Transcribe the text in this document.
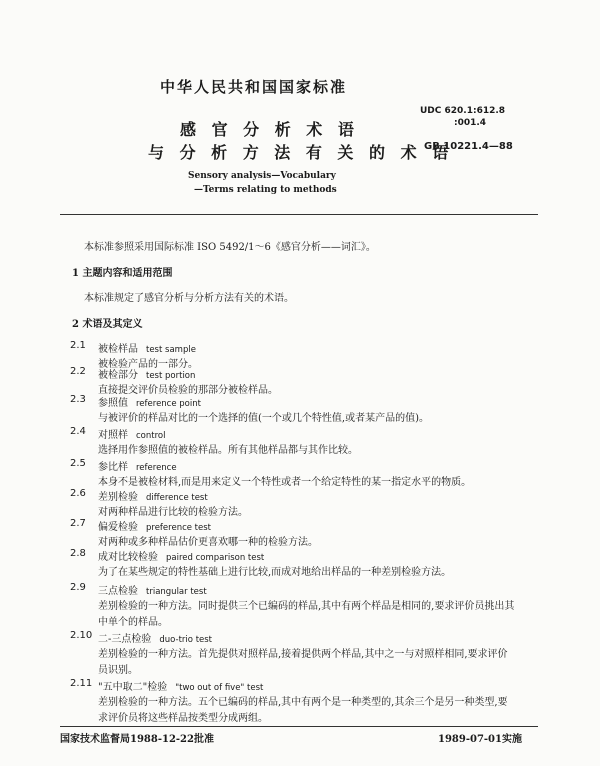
中华人民共和国国家标准
感 官 分 析 术 语
与 分 析 方 法 有 关 的 术 语
UDC 620.1:612.8
:001.4
GB 10221.4—88
Sensory analysis—Vocabulary
—Terms relating to methods
本标准参照采用国际标准 ISO 5492/1～6《感官分析——词汇》。
1 主题内容和适用范围
本标准规定了感官分析与分析方法有关的术语。
2 术语及其定义
2.1 被检样品 test sample
被检验产品的一部分。
2.2 被检部分 test portion
直接提交评价员检验的那部分被检样品。
2.3 参照值 reference point
与被评价的样品对比的一个选择的值(一个或几个特性值,或者某产品的值)。
2.4 对照样 control
选择用作参照值的被检样品。所有其他样品都与其作比较。
2.5 参比样 reference
本身不是被检材料,而是用来定义一个特性或者一个给定特性的某一指定水平的物质。
2.6 差别检验 difference test
对两种样品进行比较的检验方法。
2.7 偏爱检验 preference test
对两种或多种样品估价更喜欢哪一种的检验方法。
2.8 成对比较检验 paired comparison test
为了在某些规定的特性基础上进行比较,而成对地给出样品的一种差别检验方法。
2.9 三点检验 triangular test
差别检验的一种方法。同时提供三个已编码的样品,其中有两个样品是相同的,要求评价员挑出其
中单个的样品。
2.10 二-三点检验 duo-trio test
差别检验的一种方法。首先提供对照样品,接着提供两个样品,其中之一与对照样相同,要求评价
员识别。
2.11 "五中取二"检验 "two out of five" test
差别检验的一种方法。五个已编码的样品,其中有两个是一种类型的,其余三个是另一种类型,要
求评价员将这些样品按类型分成两组。
国家技术监督局1988-12-22批准	1989-07-01实施
